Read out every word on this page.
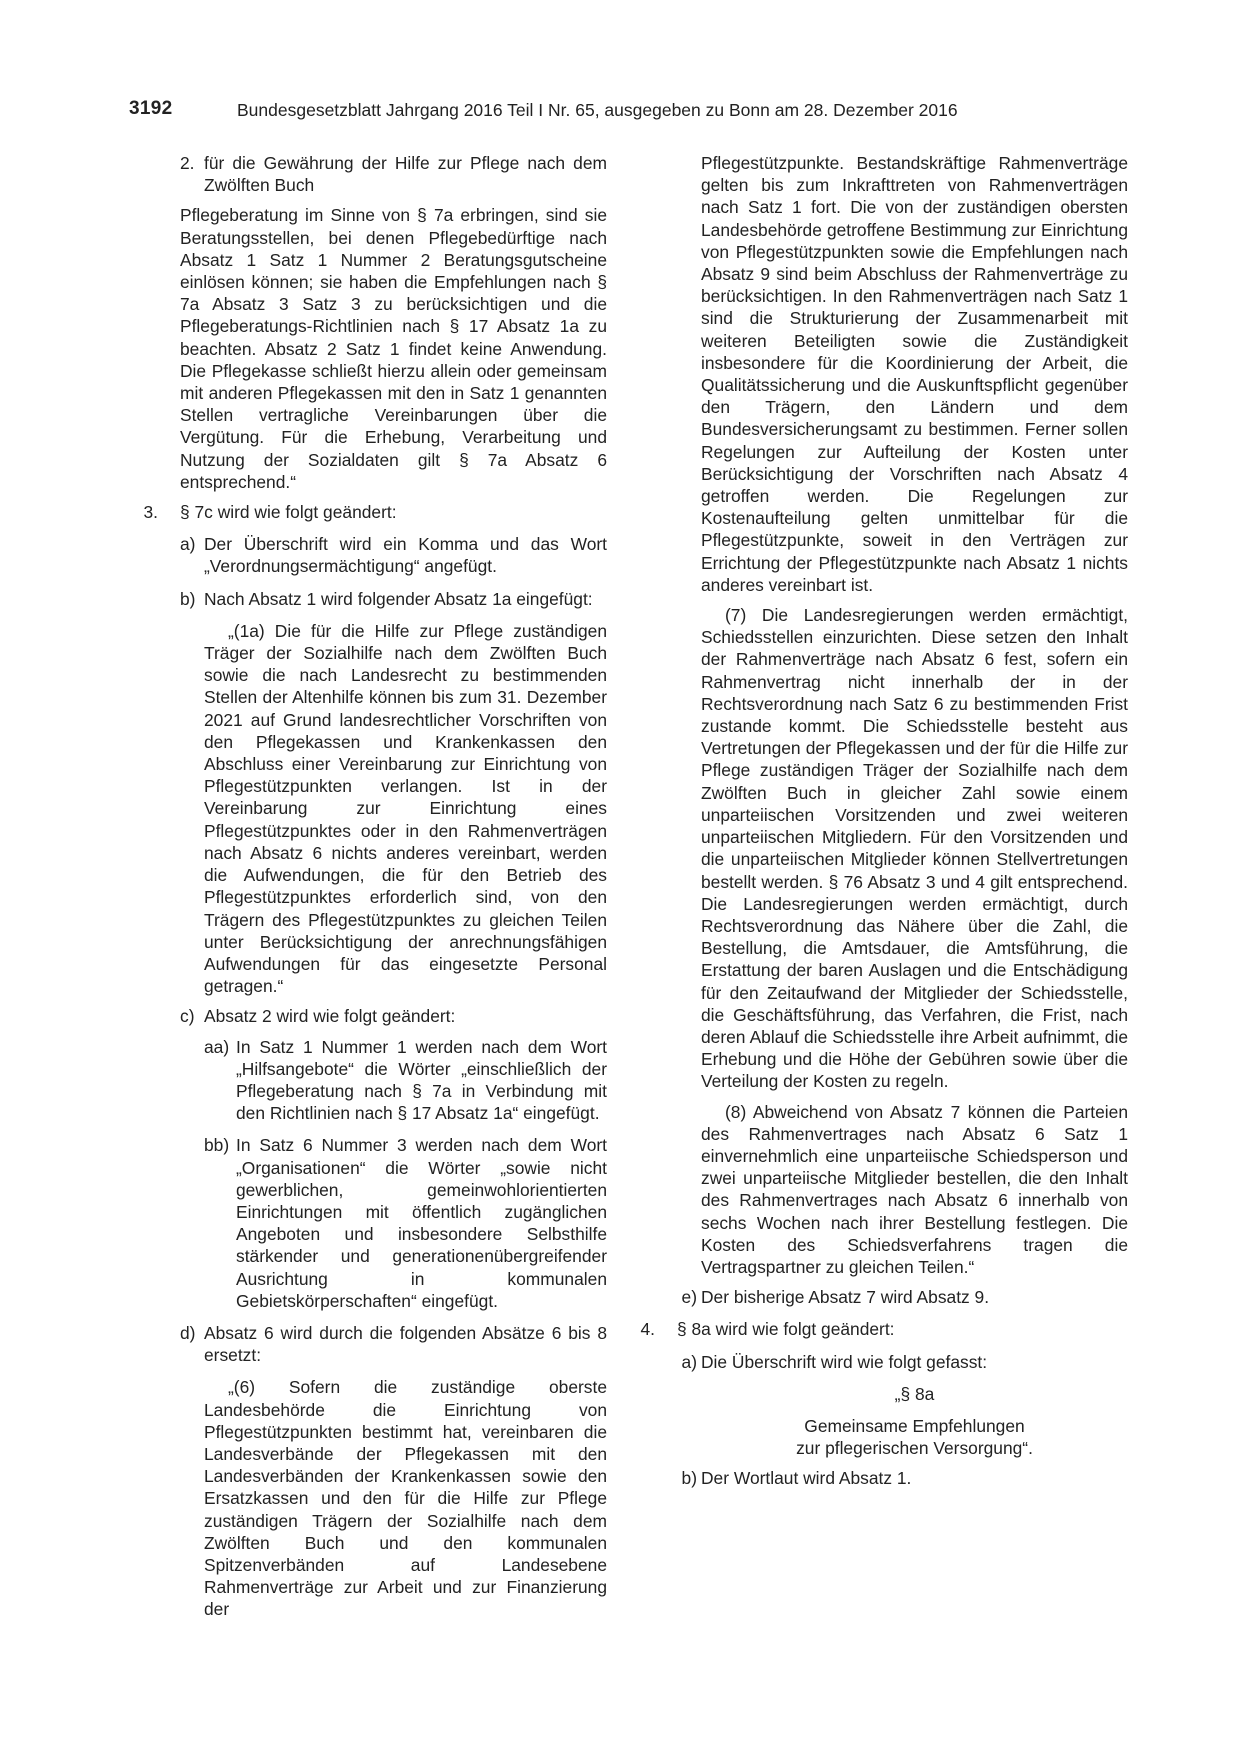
3192	Bundesgesetzblatt Jahrgang 2016 Teil I Nr. 65, ausgegeben zu Bonn am 28. Dezember 2016
2. für die Gewährung der Hilfe zur Pflege nach dem Zwölften Buch

Pflegeberatung im Sinne von § 7a erbringen, sind sie Beratungsstellen, bei denen Pflegebedürftige nach Absatz 1 Satz 1 Nummer 2 Beratungsgutscheine einlösen können; sie haben die Empfehlungen nach § 7a Absatz 3 Satz 3 zu berücksichtigen und die Pflegeberatungs-Richtlinien nach § 17 Absatz 1a zu beachten. Absatz 2 Satz 1 findet keine Anwendung. Die Pflegekasse schließt hierzu allein oder gemeinsam mit anderen Pflegekassen mit den in Satz 1 genannten Stellen vertragliche Vereinbarungen über die Vergütung. Für die Erhebung, Verarbeitung und Nutzung der Sozialdaten gilt § 7a Absatz 6 entsprechend.“

3. § 7c wird wie folgt geändert:

a) Der Überschrift wird ein Komma und das Wort „Verordnungsermächtigung“ angefügt.

b) Nach Absatz 1 wird folgender Absatz 1a eingefügt:

„(1a) Die für die Hilfe zur Pflege zuständigen Träger der Sozialhilfe nach dem Zwölften Buch sowie die nach Landesrecht zu bestimmenden Stellen der Altenhilfe können bis zum 31. Dezember 2021 auf Grund landesrechtlicher Vorschriften von den Pflegekassen und Krankenkassen den Abschluss einer Vereinbarung zur Einrichtung von Pflegestützpunkten verlangen. Ist in der Vereinbarung zur Einrichtung eines Pflegestützpunktes oder in den Rahmenverträgen nach Absatz 6 nichts anderes vereinbart, werden die Aufwendungen, die für den Betrieb des Pflegestützpunktes erforderlich sind, von den Trägern des Pflegestützpunktes zu gleichen Teilen unter Berücksichtigung der anrechnungsfähigen Aufwendungen für das eingesetzte Personal getragen.“

c) Absatz 2 wird wie folgt geändert:

aa) In Satz 1 Nummer 1 werden nach dem Wort „Hilfsangebote“ die Wörter „einschließlich der Pflegeberatung nach § 7a in Verbindung mit den Richtlinien nach § 17 Absatz 1a“ eingefügt.

bb) In Satz 6 Nummer 3 werden nach dem Wort „Organisationen“ die Wörter „sowie nicht gewerblichen, gemeinwohlorientierten Einrichtungen mit öffentlich zugänglichen Angeboten und insbesondere Selbsthilfe stärkender und generationenübergreifender Ausrichtung in kommunalen Gebietskörperschaften“ eingefügt.

d) Absatz 6 wird durch die folgenden Absätze 6 bis 8 ersetzt:

„(6) Sofern die zuständige oberste Landesbehörde die Einrichtung von Pflegestützpunkten bestimmt hat, vereinbaren die Landesverbände der Pflegekassen mit den Landesverbänden der Krankenkassen sowie den Ersatzkassen und den für die Hilfe zur Pflege zuständigen Trägern der Sozialhilfe nach dem Zwölften Buch und den kommunalen Spitzenverbänden auf Landesebene Rahmenverträge zur Arbeit und zur Finanzierung der

Pflegestützpunkte. Bestandskräftige Rahmenverträge gelten bis zum Inkrafttreten von Rahmenverträgen nach Satz 1 fort. Die von der zuständigen obersten Landesbehörde getroffene Bestimmung zur Einrichtung von Pflegestützpunkten sowie die Empfehlungen nach Absatz 9 sind beim Abschluss der Rahmenverträge zu berücksichtigen. In den Rahmenverträgen nach Satz 1 sind die Strukturierung der Zusammenarbeit mit weiteren Beteiligten sowie die Zuständigkeit insbesondere für die Koordinierung der Arbeit, die Qualitätssicherung und die Auskunftspflicht gegenüber den Trägern, den Ländern und dem Bundesversicherungsamt zu bestimmen. Ferner sollen Regelungen zur Aufteilung der Kosten unter Berücksichtigung der Vorschriften nach Absatz 4 getroffen werden. Die Regelungen zur Kostenaufteilung gelten unmittelbar für die Pflegestützpunkte, soweit in den Verträgen zur Errichtung der Pflegestützpunkte nach Absatz 1 nichts anderes vereinbart ist.

(7) Die Landesregierungen werden ermächtigt, Schiedsstellen einzurichten. Diese setzen den Inhalt der Rahmenverträge nach Absatz 6 fest, sofern ein Rahmenvertrag nicht innerhalb der in der Rechtsverordnung nach Satz 6 zu bestimmenden Frist zustande kommt. Die Schiedsstelle besteht aus Vertretungen der Pflegekassen und der für die Hilfe zur Pflege zuständigen Träger der Sozialhilfe nach dem Zwölften Buch in gleicher Zahl sowie einem unparteiischen Vorsitzenden und zwei weiteren unparteiischen Mitgliedern. Für den Vorsitzenden und die unparteiischen Mitglieder können Stellvertretungen bestellt werden. § 76 Absatz 3 und 4 gilt entsprechend. Die Landesregierungen werden ermächtigt, durch Rechtsverordnung das Nähere über die Zahl, die Bestellung, die Amtsdauer, die Amtsführung, die Erstattung der baren Auslagen und die Entschädigung für den Zeitaufwand der Mitglieder der Schiedsstelle, die Geschäftsführung, das Verfahren, die Frist, nach deren Ablauf die Schiedsstelle ihre Arbeit aufnimmt, die Erhebung und die Höhe der Gebühren sowie über die Verteilung der Kosten zu regeln.

(8) Abweichend von Absatz 7 können die Parteien des Rahmenvertrages nach Absatz 6 Satz 1 einvernehmlich eine unparteiische Schiedsperson und zwei unparteiische Mitglieder bestellen, die den Inhalt des Rahmenvertrages nach Absatz 6 innerhalb von sechs Wochen nach ihrer Bestellung festlegen. Die Kosten des Schiedsverfahrens tragen die Vertragspartner zu gleichen Teilen.“

e) Der bisherige Absatz 7 wird Absatz 9.

4. § 8a wird wie folgt geändert:

a) Die Überschrift wird wie folgt gefasst:

„§ 8a

Gemeinsame Empfehlungen

zur pflegerischen Versorgung“.

b) Der Wortlaut wird Absatz 1.
